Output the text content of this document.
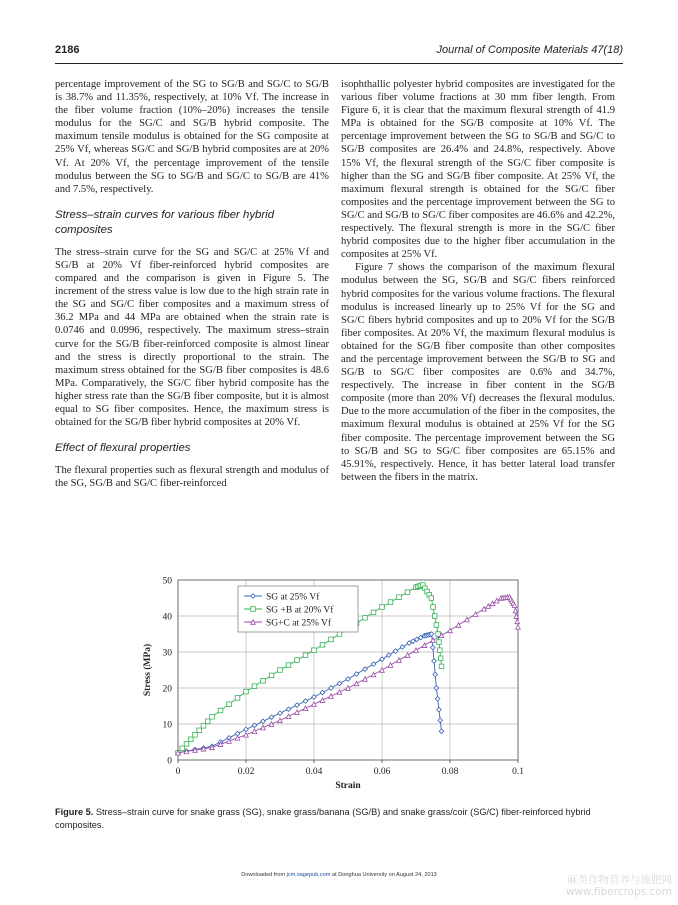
2186	Journal of Composite Materials 47(18)

percentage improvement of the SG to SG/B and SG/C to SG/B is 38.7% and 11.35%, respectively, at 10% Vf. The increase in the fiber volume fraction (10%–20%) increases the tensile modulus for the SG/C and SG/B hybrid composite. The maximum tensile modulus is obtained for the SG composite at 25% Vf, whereas SG/C and SG/B hybrid composites are at 20% Vf. At 20% Vf, the percentage improvement of the tensile modulus between the SG to SG/B and SG/C to SG/B are 41% and 7.5%, respectively.

Stress–strain curves for various fiber hybrid composites

The stress–strain curve for the SG and SG/C at 25% Vf and SG/B at 20% Vf fiber-reinforced hybrid composites are compared and the comparison is given in Figure 5. The increment of the stress value is low due to the high strain rate in the SG and SG/C fiber composites and a maximum stress of 36.2 MPa and 44 MPa are obtained when the strain rate is 0.0746 and 0.0996, respectively. The maximum stress–strain curve for the SG/B fiber-reinforced composite is almost linear and the stress is directly proportional to the strain. The maximum stress obtained for the SG/B fiber composites is 48.6 MPa. Comparatively, the SG/C fiber hybrid composite has the higher stress rate than the SG/B fiber composite, but it is almost equal to SG fiber composites. Hence, the maximum stress is obtained for the SG/B fiber hybrid composites at 20% Vf.

Effect of flexural properties

The flexural properties such as flexural strength and modulus of the SG, SG/B and SG/C fiber-reinforced

isophthallic polyester hybrid composites are investigated for the various fiber volume fractions at 30 mm fiber length. From Figure 6, it is clear that the maximum flexural strength of 41.9 MPa is obtained for the SG/B composite at 10% Vf. The percentage improvement between the SG to SG/B and SG/C to SG/B composites are 26.4% and 24.8%, respectively. Above 15% Vf, the flexural strength of the SG/C fiber composite is higher than the SG and SG/B fiber composite. At 25% Vf, the maximum flexural strength is obtained for the SG/C fiber composites and the percentage improvement between the SG to SG/C and SG/B to SG/C fiber composites are 46.6% and 42.2%, respectively. The flexural strength is more in the SG/C fiber hybrid composites due to the higher fiber accumulation in the composites at 25% Vf.

Figure 7 shows the comparison of the maximum flexural modulus between the SG, SG/B and SG/C fibers reinforced hybrid composites for the various volume fractions. The flexural modulus is increased linearly up to 25% Vf for the SG and SG/C fibers hybrid composites and up to 20% Vf for the SG/B fiber composites. At 20% Vf, the maximum flexural modulus is obtained for the SG/B fiber composite than other composites and the percentage improvement between the SG/B to SG and SG/B to SG/C fiber composites are 0.6% and 34.7%, respectively. The increase in fiber content in the SG/B composite (more than 20% Vf) decreases the flexural modulus. Due to the more accumulation of the fiber in the composites, the maximum flexural modulus is obtained at 25% Vf for the SG fiber composite. The percentage improvement between the SG to SG/B and SG to SG/C fiber composites are 65.15% and 45.91%, respectively. Hence, it has better lateral load transfer between the fibers in the matrix.

0
10
20
30
40
50
0	0.02	0.04	0.06	0.08	0.1
Strain
Stress (MPa)
SG at 25% Vf
SG +B at 20% Vf
SG+C at 25% Vf
Figure 5. Stress–strain curve for snake grass (SG), snake grass/banana (SG/B) and snake grass/coir (SG/C) fiber-reinforced hybrid composites.
Downloaded from jcm.sagepub.com at Donghua University on August 24, 2013	麻类作物营养与施肥网
www.fibercrops.com
